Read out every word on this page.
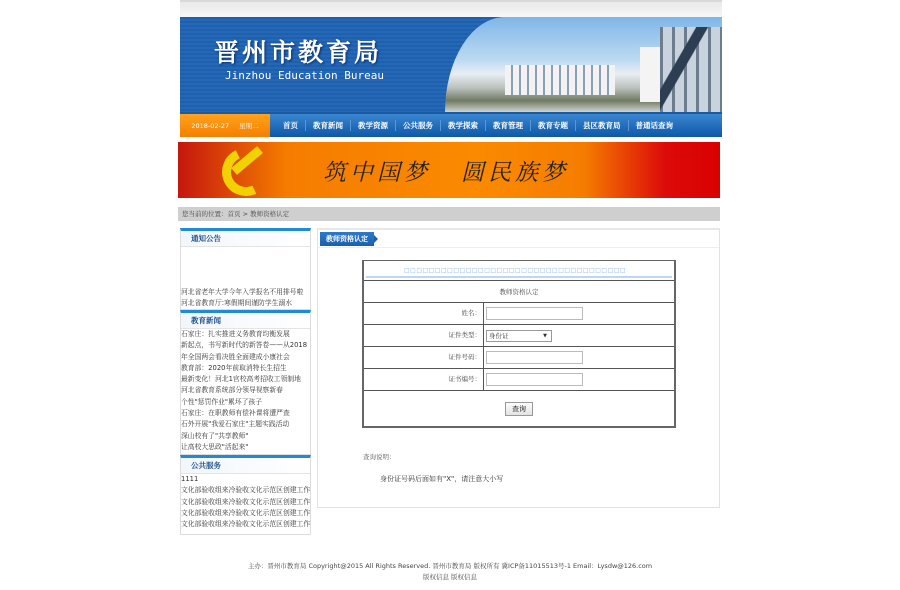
晋州市教育局
Jinzhou Education Bureau
2018-02-27 星期二	首页	教育新闻	教学资源	公共服务	教学探索	教育管理	教育专题	县区教育局	普通话查询
筑中国梦 圆民族梦
您当前的位置：首页 > 教师资格认定
通知公告
河北省老年大学今年入学报名不用排号啦
河北省教育厅:寒假期间谨防学生溺水
教育新闻
石家庄：扎实推进义务教育均衡发展
新起点，书写新时代的新答卷——从2018
年全国两会看决胜全面建成小康社会
教育部：2020年前取消特长生招生
最新变化！河北1官校高考招收工领制地
河北省教育系统部分领导视察新春
个性"惩罚作业"累坏了孩子
石家庄：在职教师有偿补课将遭严查
石外开展"我爱石家庄"主题实践活动
深山校有了"共享教师"
让高校大思政"活起来"
公共服务
1111
文化部验收组来冷验收文化示范区创建工作
文化部验收组来冷验收文化示范区创建工作
文化部验收组来冷验收文化示范区创建工作
文化部验收组来冷验收文化示范区创建工作
教师资格认定
□□□□□□□□□□□□□□□□□□□□□□□□□□□□□□□□□□□□
教师资格认定
姓名：
证件类型：	身份证	▼
证件号码：
证书编号：
查询
查询说明：
身份证号码后面如有"X"，请注意大小写
主办：晋州市教育局 Copyright@2015 All Rights Reserved. 晋州市教育局 版权所有 冀ICP备11015513号-1 Email：Lysdw@126.com
版权信息 版权信息
